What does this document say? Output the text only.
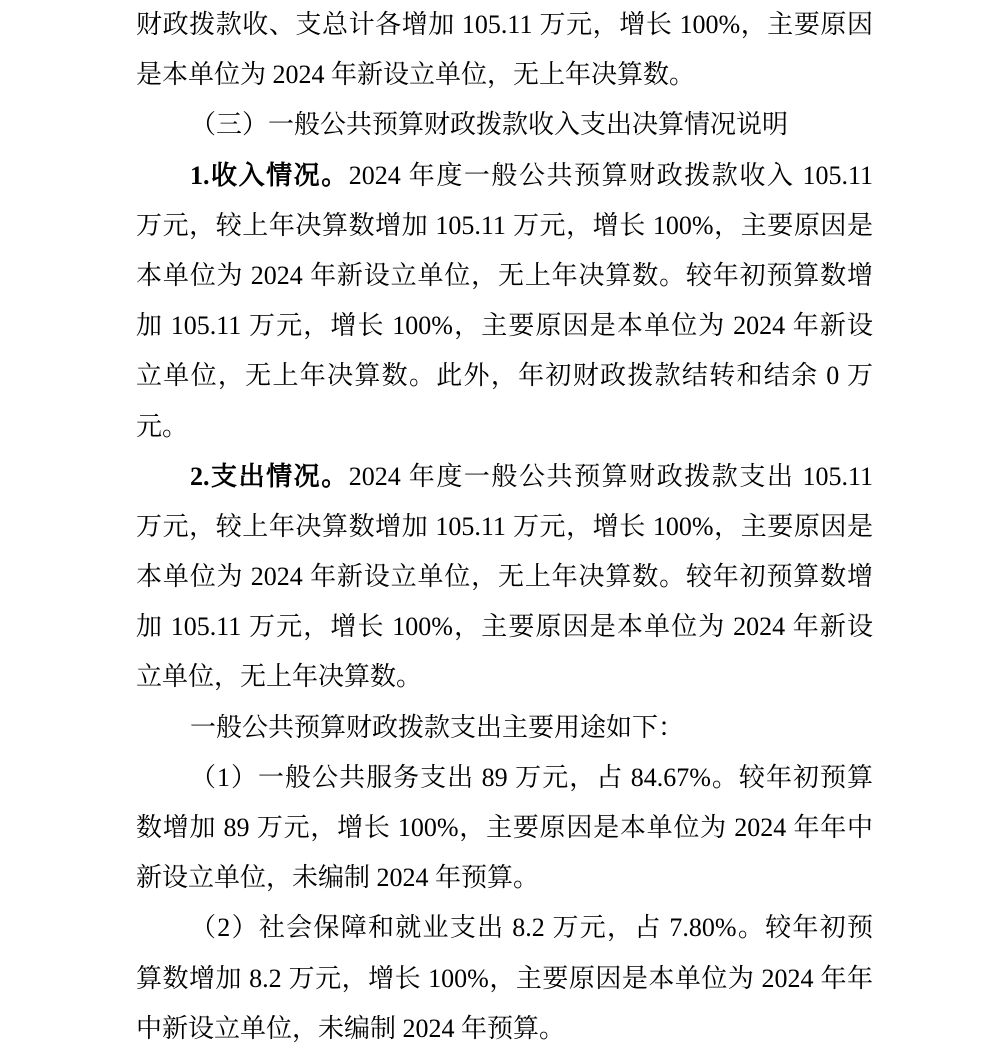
财政拨款收、支总计各增加 105.11 万元，增长 100%，主要原因
是本单位为 2024 年新设立单位，无上年决算数。
（三）一般公共预算财政拨款收入支出决算情况说明
1.收入情况。2024 年度一般公共预算财政拨款收入 105.11
万元，较上年决算数增加 105.11 万元，增长 100%，主要原因是
本单位为 2024 年新设立单位，无上年决算数。较年初预算数增
加 105.11 万元，增长 100%，主要原因是本单位为 2024 年新设
立单位，无上年决算数。此外，年初财政拨款结转和结余 0 万
元。
2.支出情况。2024 年度一般公共预算财政拨款支出 105.11
万元，较上年决算数增加 105.11 万元，增长 100%，主要原因是
本单位为 2024 年新设立单位，无上年决算数。较年初预算数增
加 105.11 万元，增长 100%，主要原因是本单位为 2024 年新设
立单位，无上年决算数。
一般公共预算财政拨款支出主要用途如下：
（1）一般公共服务支出 89 万元，占 84.67%。较年初预算
数增加 89 万元，增长 100%，主要原因是本单位为 2024 年年中
新设立单位，未编制 2024 年预算。
（2）社会保障和就业支出 8.2 万元，占 7.80%。较年初预
算数增加 8.2 万元，增长 100%，主要原因是本单位为 2024 年年
中新设立单位，未编制 2024 年预算。
